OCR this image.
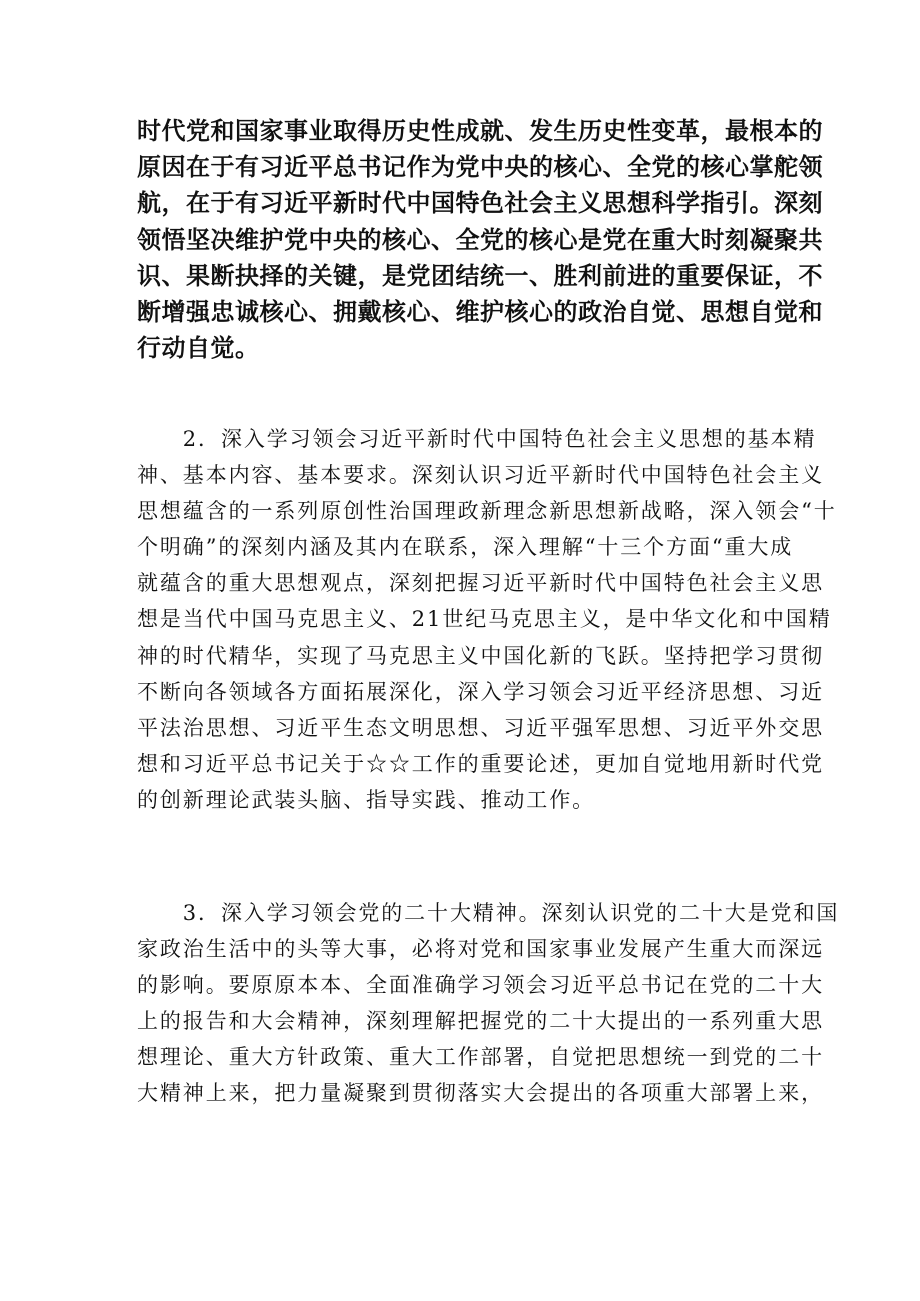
时代党和国家事业取得历史性成就、发生历史性变革，最根本的
原因在于有习近平总书记作为党中央的核心、全党的核心掌舵领
航，在于有习近平新时代中国特色社会主义思想科学指引。深刻
领悟坚决维护党中央的核心、全党的核心是党在重大时刻凝聚共
识、果断抉择的关键，是党团结统一、胜利前进的重要保证，不
断增强忠诚核心、拥戴核心、维护核心的政治自觉、思想自觉和
行动自觉。
　　2．深入学习领会习近平新时代中国特色社会主义思想的基本精
神、基本内容、基本要求。深刻认识习近平新时代中国特色社会主义
思想蕴含的一系列原创性治国理政新理念新思想新战略，深入领会“十
个明确”的深刻内涵及其内在联系，深入理解“十三个方面“重大成
就蕴含的重大思想观点，深刻把握习近平新时代中国特色社会主义思
想是当代中国马克思主义、21世纪马克思主义，是中华文化和中国精
神的时代精华，实现了马克思主义中国化新的飞跃。坚持把学习贯彻
不断向各领域各方面拓展深化，深入学习领会习近平经济思想、习近
平法治思想、习近平生态文明思想、习近平强军思想、习近平外交思
想和习近平总书记关于☆☆工作的重要论述，更加自觉地用新时代党
的创新理论武装头脑、指导实践、推动工作。
　　3．深入学习领会党的二十大精神。深刻认识党的二十大是党和国
家政治生活中的头等大事，必将对党和国家事业发展产生重大而深远
的影响。要原原本本、全面准确学习领会习近平总书记在党的二十大
上的报告和大会精神，深刻理解把握党的二十大提出的一系列重大思
想理论、重大方针政策、重大工作部署，自觉把思想统一到党的二十
大精神上来，把力量凝聚到贯彻落实大会提出的各项重大部署上来，
